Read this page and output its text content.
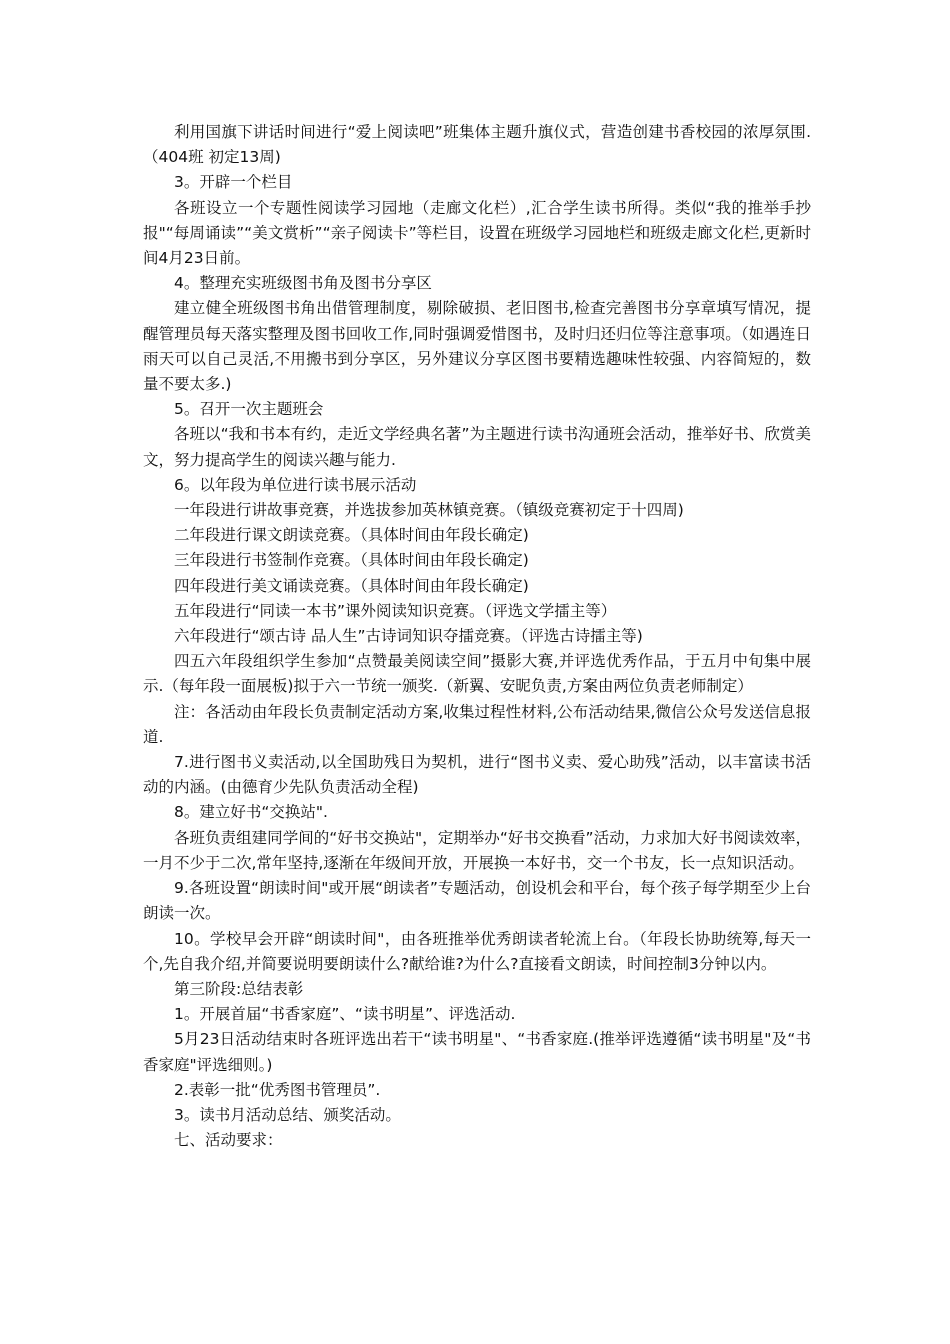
利用国旗下讲话时间进行“爱上阅读吧”班集体主题升旗仪式，营造创建书香校园的浓厚氛围.（404班 初定13周)

3。开辟一个栏目

各班设立一个专题性阅读学习园地（走廊文化栏）,汇合学生读书所得。类似“我的推举手抄报"“每周诵读”“美文赏析”“亲子阅读卡”等栏目，设置在班级学习园地栏和班级走廊文化栏,更新时间4月23日前。

4。整理充实班级图书角及图书分享区

建立健全班级图书角出借管理制度，剔除破损、老旧图书,检查完善图书分享章填写情况，提醒管理员每天落实整理及图书回收工作,同时强调爱惜图书，及时归还归位等注意事项。（如遇连日雨天可以自己灵活,不用搬书到分享区，另外建议分享区图书要精选趣味性较强、内容简短的，数量不要太多.)

5。召开一次主题班会

各班以“我和书本有约，走近文学经典名著”为主题进行读书沟通班会活动，推举好书、欣赏美文，努力提高学生的阅读兴趣与能力.

6。以年段为单位进行读书展示活动

一年段进行讲故事竞赛，并选拔参加英林镇竞赛。（镇级竞赛初定于十四周)

二年段进行课文朗读竞赛。（具体时间由年段长确定)

三年段进行书签制作竞赛。（具体时间由年段长确定)

四年段进行美文诵读竞赛。（具体时间由年段长确定)

五年段进行“同读一本书”课外阅读知识竞赛。（评选文学擂主等）

六年段进行“颂古诗 品人生”古诗词知识夺擂竞赛。（评选古诗擂主等)

四五六年段组织学生参加“点赞最美阅读空间”摄影大赛,并评选优秀作品，于五月中旬集中展示.（每年段一面展板)拟于六一节统一颁奖.（新翼、安昵负责,方案由两位负责老师制定）

注：各活动由年段长负责制定活动方案,收集过程性材料,公布活动结果,微信公众号发送信息报道.

7.进行图书义卖活动,以全国助残日为契机，进行“图书义卖、爱心助残”活动，以丰富读书活动的内涵。(由德育少先队负责活动全程)

8。建立好书“交换站".

各班负责组建同学间的“好书交换站"，定期举办“好书交换看”活动，力求加大好书阅读效率，一月不少于二次,常年坚持,逐渐在年级间开放，开展换一本好书，交一个书友，长一点知识活动。

9.各班设置“朗读时间"或开展“朗读者”专题活动，创设机会和平台，每个孩子每学期至少上台朗读一次。

10。学校早会开辟“朗读时间"，由各班推举优秀朗读者轮流上台。（年段长协助统筹,每天一个,先自我介绍,并简要说明要朗读什么?献给谁?为什么?直接看文朗读，时间控制3分钟以内。

第三阶段:总结表彰

1。开展首届“书香家庭”、“读书明星”、评选活动.

5月23日活动结束时各班评选出若干“读书明星"、“书香家庭.(推举评选遵循“读书明星"及“书香家庭"评选细则。)

2.表彰一批“优秀图书管理员”.

3。读书月活动总结、颁奖活动。

七、活动要求：
